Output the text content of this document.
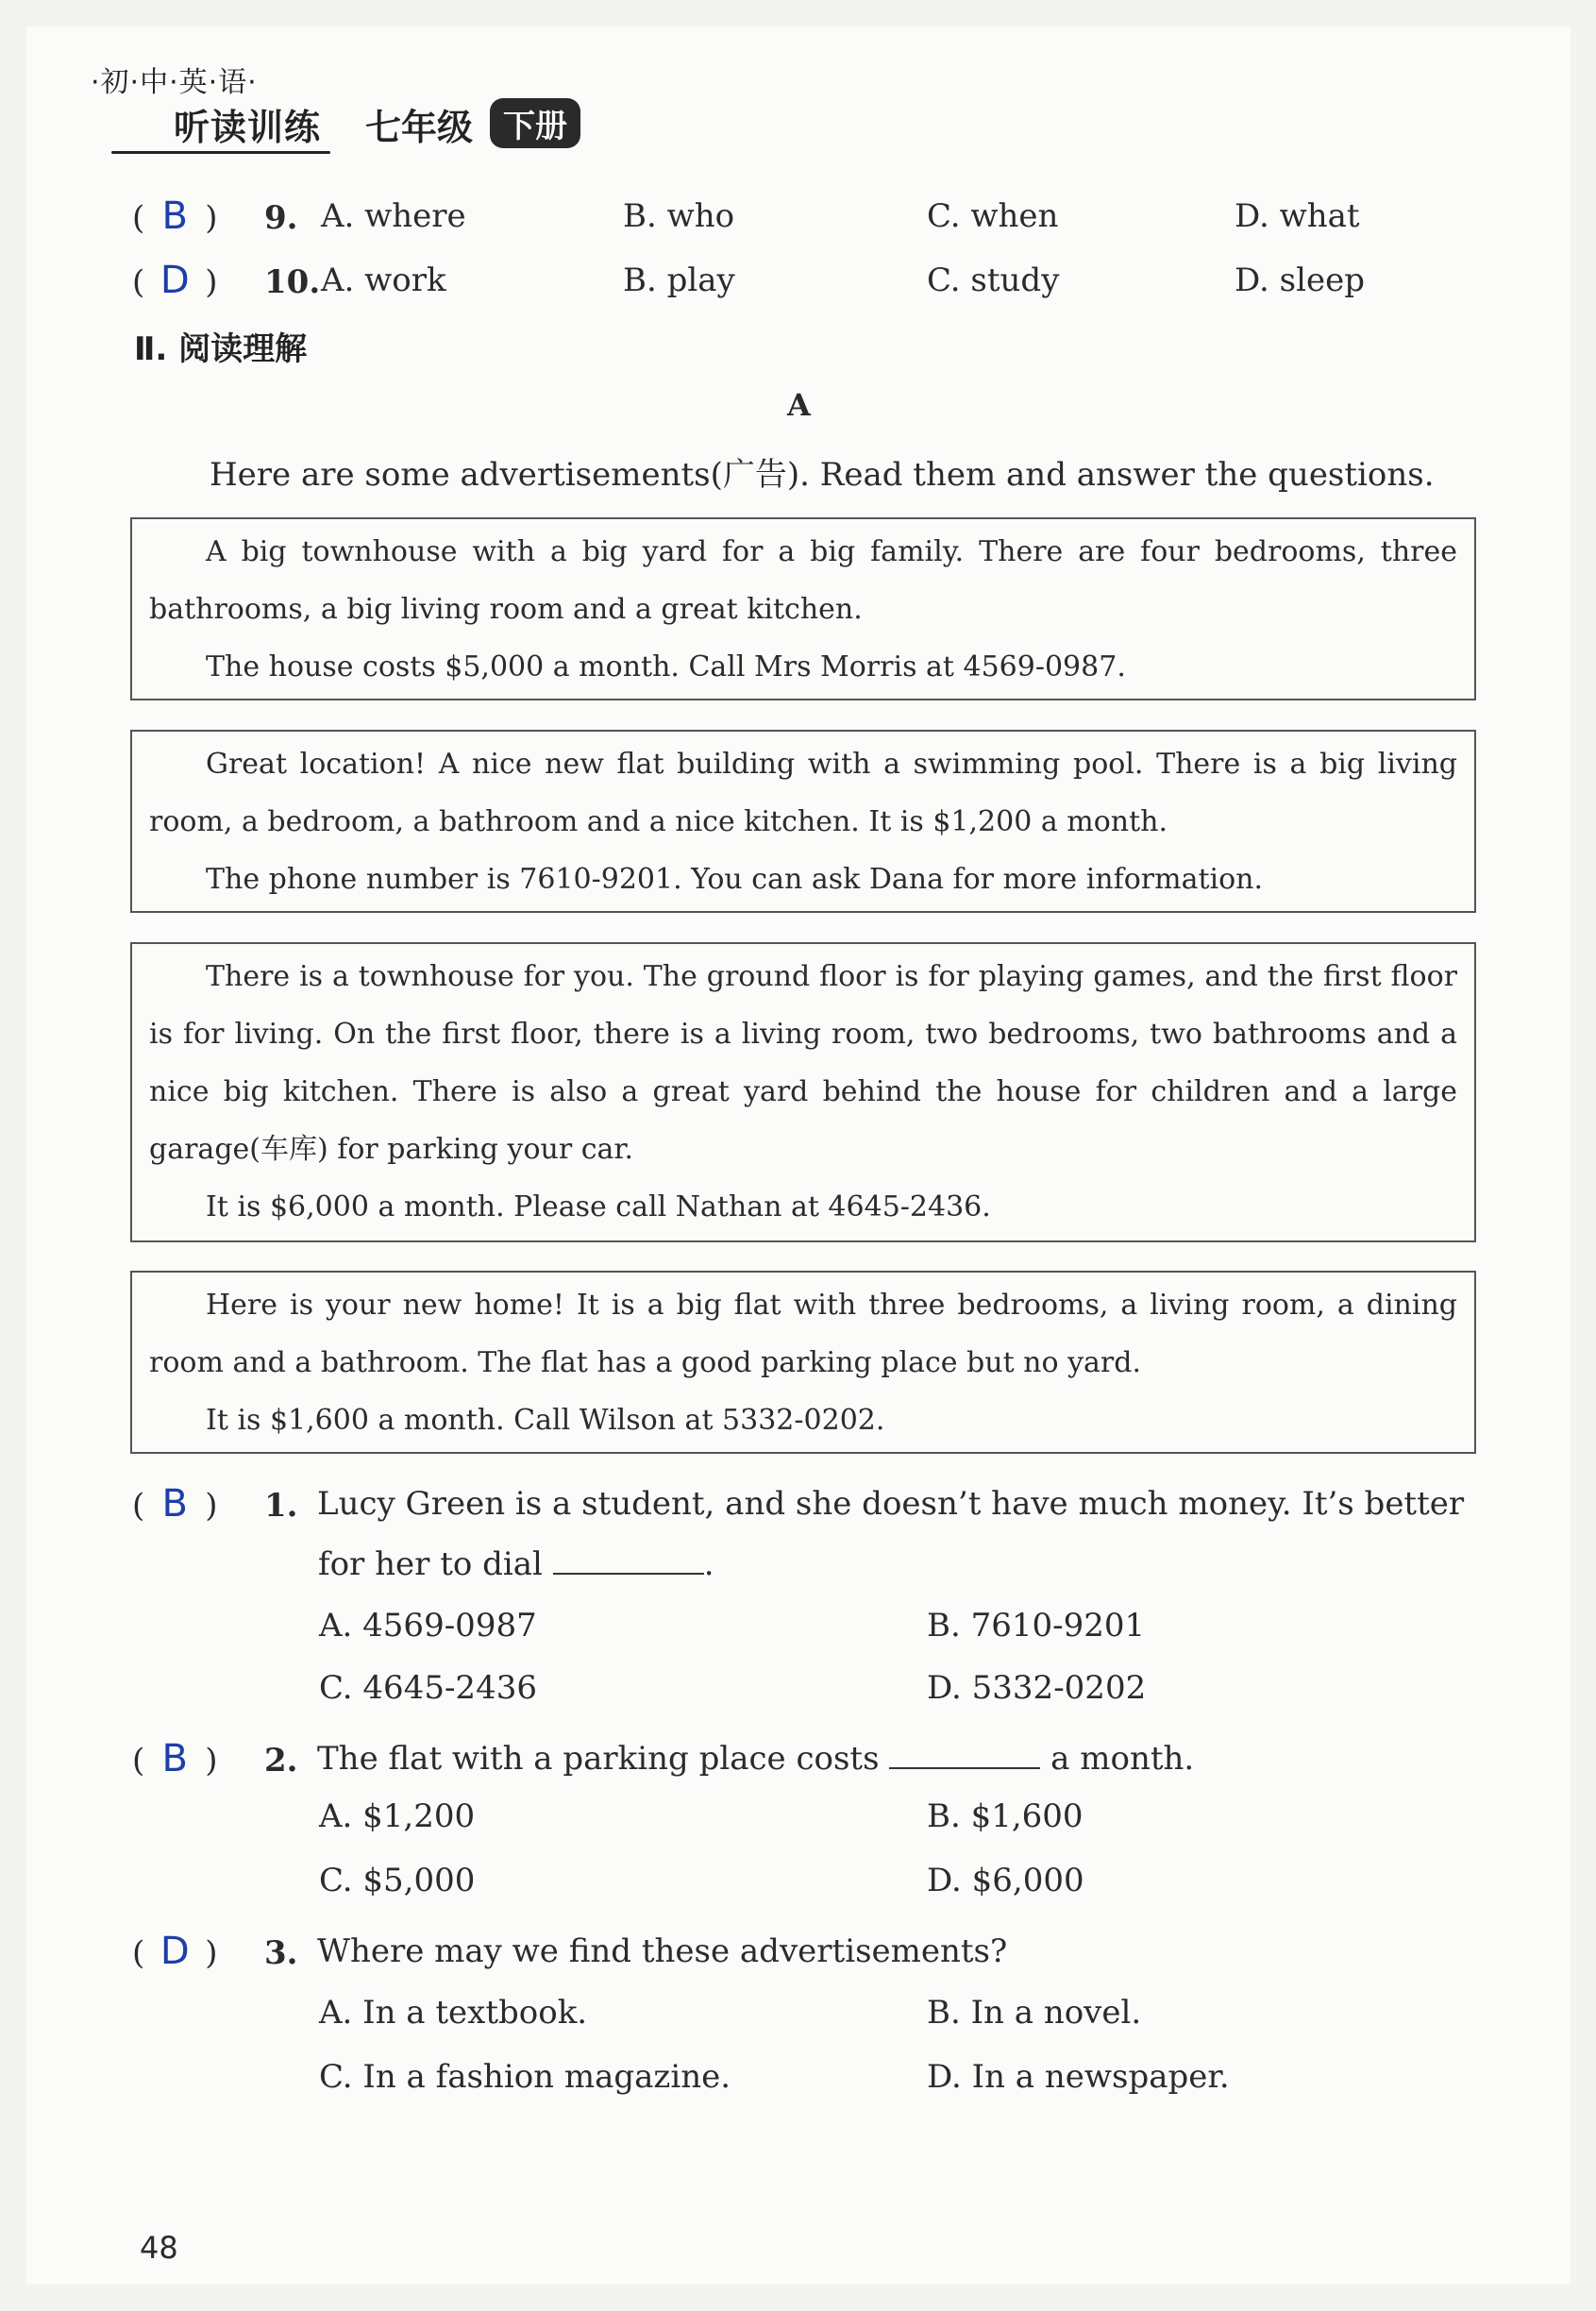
·初·中·英·语·
听读训练 七年级 下册
( B ) 9. A. where	B. who	C. when	D. what
( D ) 10. A. work	B. play	C. study	D. sleep
Ⅱ. 阅读理解
A
Here are some advertisements(广告). Read them and answer the questions.

A big townhouse with a big yard for a big family. There are four bedrooms, three bathrooms, a big living room and a great kitchen.

The house costs $5,000 a month. Call Mrs Morris at 4569-0987.

Great location! A nice new flat building with a swimming pool. There is a big living room, a bedroom, a bathroom and a nice kitchen. It is $1,200 a month.

The phone number is 7610-9201. You can ask Dana for more information.

There is a townhouse for you. The ground floor is for playing games, and the first floor is for living. On the first floor, there is a living room, two bedrooms, two bathrooms and a nice big kitchen. There is also a great yard behind the house for children and a large garage(车库) for parking your car.

It is $6,000 a month. Please call Nathan at 4645-2436.

Here is your new home! It is a big flat with three bedrooms, a living room, a dining room and a bathroom. The flat has a good parking place but no yard.

It is $1,600 a month. Call Wilson at 5332-0202.

( B ) 1. Lucy Green is a student, and she doesn’t have much money. It’s better
for her to dial	.
A. 4569-0987	B. 7610-9201
C. 4645-2436	D. 5332-0202
( B ) 2. The flat with a parking place costs	a month.
A. $1,200	B. $1,600
C. $5,000	D. $6,000
( D ) 3. Where may we find these advertisements?
A. In a textbook.	B. In a novel.
C. In a fashion magazine.	D. In a newspaper.
48
